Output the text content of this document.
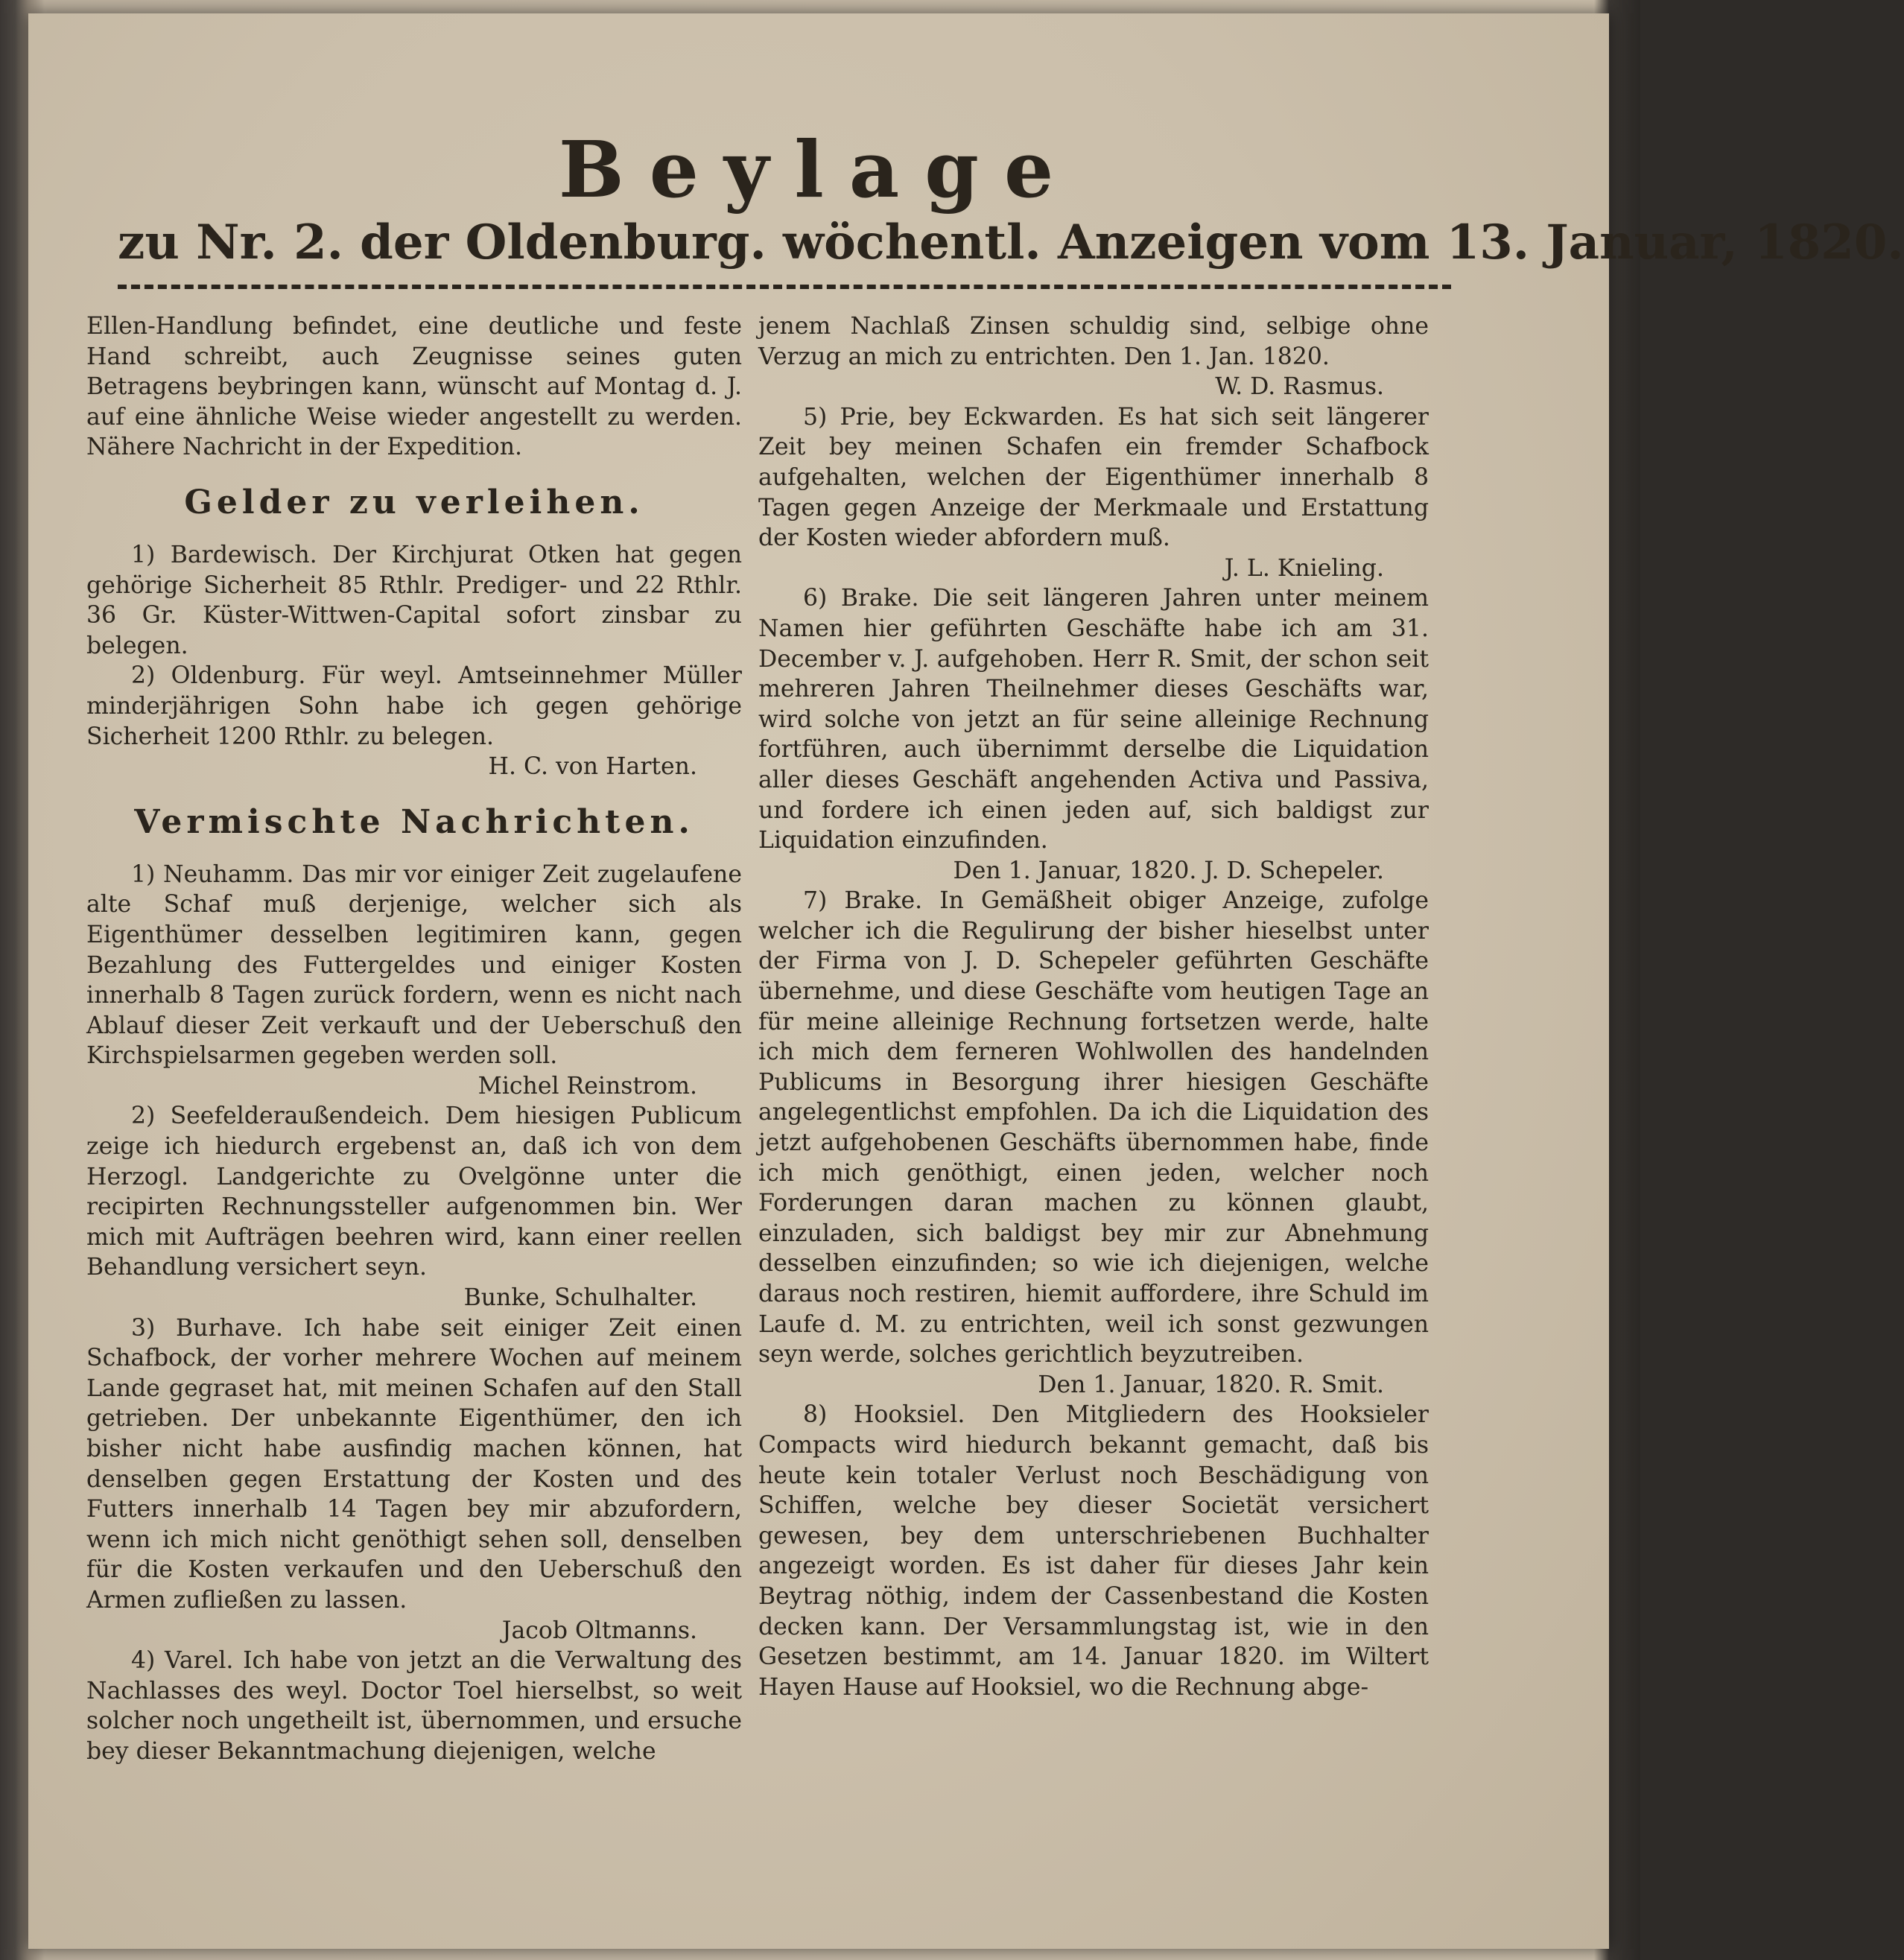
Beylage
zu Nr. 2. der Oldenburg. wöchentl. Anzeigen vom 13. Januar, 1820.

Ellen-Handlung befindet, eine deutliche und feste Hand schreibt, auch Zeugnisse seines guten Betragens beybringen kann, wünscht auf Montag d. J. auf eine ähnliche Weise wieder angestellt zu werden. Nähere Nachricht in der Expedition.

Gelder zu verleihen.

1) Bardewisch. Der Kirchjurat Otken hat gegen gehörige Sicherheit 85 Rthlr. Prediger- und 22 Rthlr. 36 Gr. Küster-Wittwen-Capital sofort zinsbar zu belegen.

2) Oldenburg. Für weyl. Amtseinnehmer Müller minderjährigen Sohn habe ich gegen gehörige Sicherheit 1200 Rthlr. zu belegen.

H. C. von Harten.

Vermischte Nachrichten.

1) Neuhamm. Das mir vor einiger Zeit zugelaufene alte Schaf muß derjenige, welcher sich als Eigenthümer desselben legitimiren kann, gegen Bezahlung des Futtergeldes und einiger Kosten innerhalb 8 Tagen zurück fordern, wenn es nicht nach Ablauf dieser Zeit verkauft und der Ueberschuß den Kirchspielsarmen gegeben werden soll.

Michel Reinstrom.

2) Seefelderaußendeich. Dem hiesigen Publicum zeige ich hiedurch ergebenst an, daß ich von dem Herzogl. Landgerichte zu Ovelgönne unter die recipirten Rechnungssteller aufgenommen bin. Wer mich mit Aufträgen beehren wird, kann einer reellen Behandlung versichert seyn.

Bunke, Schulhalter.

3) Burhave. Ich habe seit einiger Zeit einen Schafbock, der vorher mehrere Wochen auf meinem Lande gegraset hat, mit meinen Schafen auf den Stall getrieben. Der unbekannte Eigenthümer, den ich bisher nicht habe ausfindig machen können, hat denselben gegen Erstattung der Kosten und des Futters innerhalb 14 Tagen bey mir abzufordern, wenn ich mich nicht genöthigt sehen soll, denselben für die Kosten verkaufen und den Ueberschuß den Armen zufließen zu lassen.

Jacob Oltmanns.

4) Varel. Ich habe von jetzt an die Verwaltung des Nachlasses des weyl. Doctor Toel hierselbst, so weit solcher noch ungetheilt ist, übernommen, und ersuche bey dieser Bekanntmachung diejenigen, welche

jenem Nachlaß Zinsen schuldig sind, selbige ohne Verzug an mich zu entrichten. Den 1. Jan. 1820.

W. D. Rasmus.

5) Prie, bey Eckwarden. Es hat sich seit längerer Zeit bey meinen Schafen ein fremder Schafbock aufgehalten, welchen der Eigenthümer innerhalb 8 Tagen gegen Anzeige der Merkmaale und Erstattung der Kosten wieder abfordern muß.

J. L. Knieling.

6) Brake. Die seit längeren Jahren unter meinem Namen hier geführten Geschäfte habe ich am 31. December v. J. aufgehoben. Herr R. Smit, der schon seit mehreren Jahren Theilnehmer dieses Geschäfts war, wird solche von jetzt an für seine alleinige Rechnung fortführen, auch übernimmt derselbe die Liquidation aller dieses Geschäft angehenden Activa und Passiva, und fordere ich einen jeden auf, sich baldigst zur Liquidation einzufinden.

Den 1. Januar, 1820. J. D. Schepeler.

7) Brake. In Gemäßheit obiger Anzeige, zufolge welcher ich die Regulirung der bisher hieselbst unter der Firma von J. D. Schepeler geführten Geschäfte übernehme, und diese Geschäfte vom heutigen Tage an für meine alleinige Rechnung fortsetzen werde, halte ich mich dem ferneren Wohlwollen des handelnden Publicums in Besorgung ihrer hiesigen Geschäfte angelegentlichst empfohlen. Da ich die Liquidation des jetzt aufgehobenen Geschäfts übernommen habe, finde ich mich genöthigt, einen jeden, welcher noch Forderungen daran machen zu können glaubt, einzuladen, sich baldigst bey mir zur Abnehmung desselben einzufinden; so wie ich diejenigen, welche daraus noch restiren, hiemit auffordere, ihre Schuld im Laufe d. M. zu entrichten, weil ich sonst gezwungen seyn werde, solches gerichtlich beyzutreiben.

Den 1. Januar, 1820. R. Smit.

8) Hooksiel. Den Mitgliedern des Hooksieler Compacts wird hiedurch bekannt gemacht, daß bis heute kein totaler Verlust noch Beschädigung von Schiffen, welche bey dieser Societät versichert gewesen, bey dem unterschriebenen Buchhalter angezeigt worden. Es ist daher für dieses Jahr kein Beytrag nöthig, indem der Cassenbestand die Kosten decken kann. Der Versammlungstag ist, wie in den Gesetzen bestimmt, am 14. Januar 1820. im Wiltert Hayen Hause auf Hooksiel, wo die Rechnung abge-
